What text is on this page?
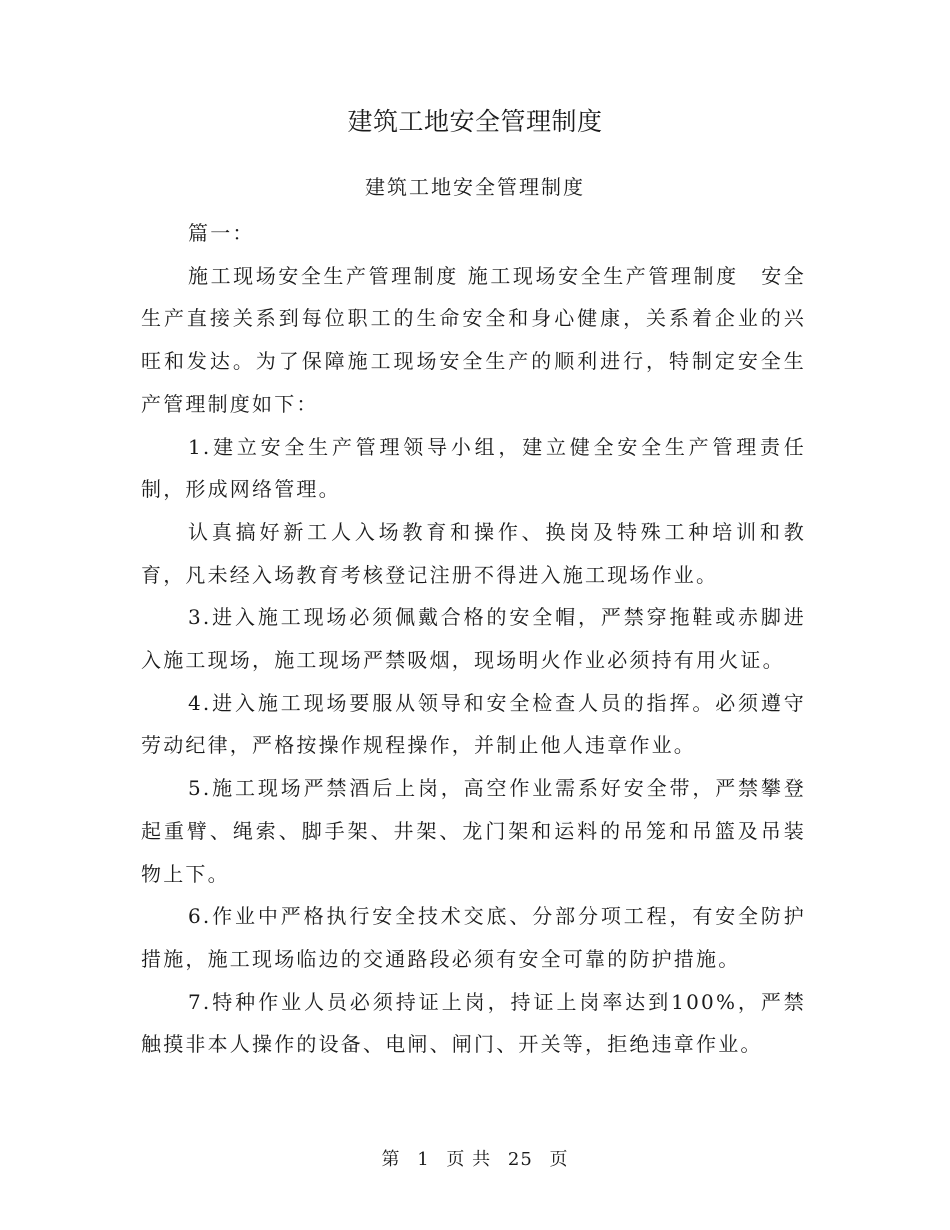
建筑工地安全管理制度
建筑工地安全管理制度

篇一：

施工现场安全生产管理制度 施工现场安全生产管理制度　安全生产直接关系到每位职工的生命安全和身心健康，关系着企业的兴旺和发达。为了保障施工现场安全生产的顺利进行，特制定安全生产管理制度如下：

1.建立安全生产管理领导小组，建立健全安全生产管理责任制，形成网络管理。

认真搞好新工人入场教育和操作、换岗及特殊工种培训和教育，凡未经入场教育考核登记注册不得进入施工现场作业。

3.进入施工现场必须佩戴合格的安全帽，严禁穿拖鞋或赤脚进入施工现场，施工现场严禁吸烟，现场明火作业必须持有用火证。

4.进入施工现场要服从领导和安全检查人员的指挥。必须遵守劳动纪律，严格按操作规程操作，并制止他人违章作业。

5.施工现场严禁酒后上岗，高空作业需系好安全带，严禁攀登起重臂、绳索、脚手架、井架、龙门架和运料的吊笼和吊篮及吊装物上下。

6.作业中严格执行安全技术交底、分部分项工程，有安全防护措施，施工现场临边的交通路段必须有安全可靠的防护措施。

7.特种作业人员必须持证上岗，持证上岗率达到100%，严禁触摸非本人操作的设备、电闸、闸门、开关等，拒绝违章作业。

第 1 页 共 25 页
